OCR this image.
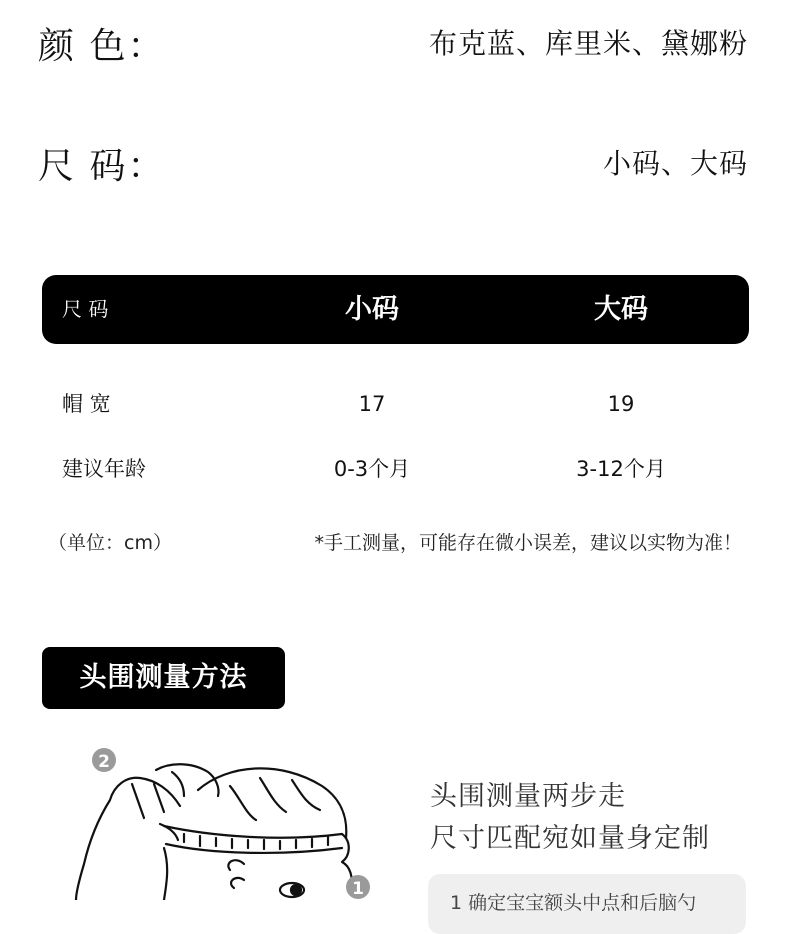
颜 色：	布克蓝、库里米、黛娜粉
尺 码：	小码、大码
尺 码	小码	大码
帽 宽	17	19
建议年龄	0-3个月	3-12个月
（单位：cm）	*手工测量，可能存在微小误差，建议以实物为准！
头围测量方法
2
1
头围测量两步走
尺寸匹配宛如量身定制
1 确定宝宝额头中点和后脑勺
